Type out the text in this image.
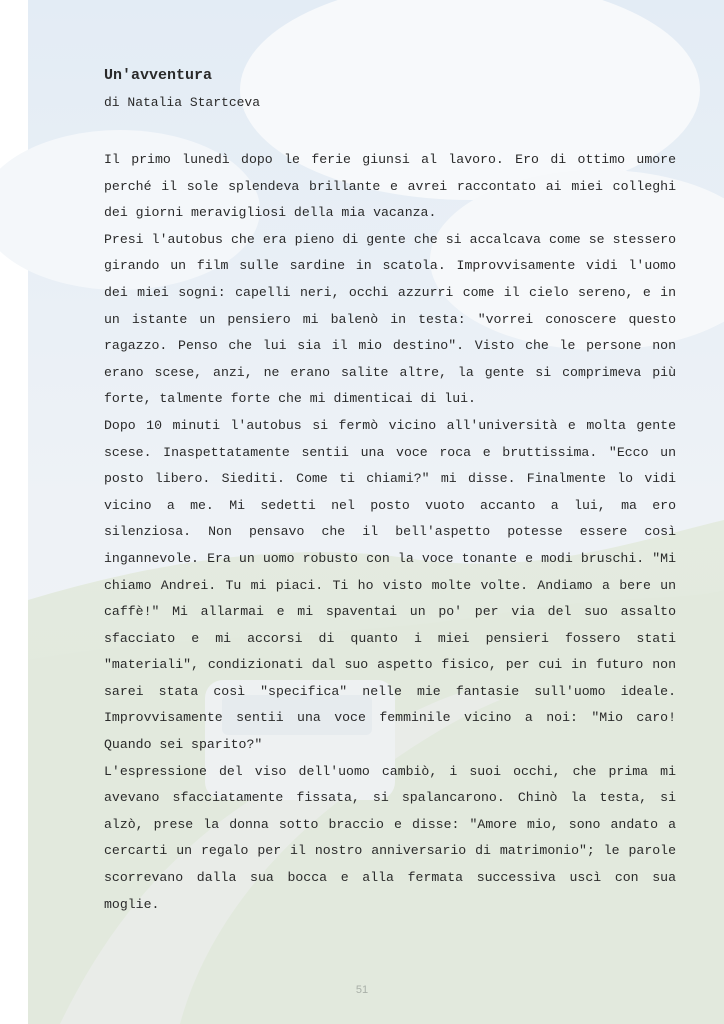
Un'avventura

di Natalia Startceva

Il primo lunedì dopo le ferie giunsi al lavoro. Ero di ottimo umore perché il sole splendeva brillante e avrei raccontato ai miei colleghi dei giorni meravigliosi della mia vacanza.

Presi l'autobus che era pieno di gente che si accalcava come se stessero girando un film sulle sardine in scatola. Improvvisamente vidi l'uomo dei miei sogni: capelli neri, occhi azzurri come il cielo sereno, e in un istante un pensiero mi balenò in testa: "vorrei conoscere questo ragazzo. Penso che lui sia il mio destino". Visto che le persone non erano scese, anzi, ne erano salite altre, la gente si comprimeva più forte, talmente forte che mi dimenticai di lui.

Dopo 10 minuti l'autobus si fermò vicino all'università e molta gente scese. Inaspettatamente sentii una voce roca e bruttissima. "Ecco un posto libero. Siediti. Come ti chiami?" mi disse. Finalmente lo vidi vicino a me. Mi sedetti nel posto vuoto accanto a lui, ma ero silenziosa. Non pensavo che il bell'aspetto potesse essere così ingannevole. Era un uomo robusto con la voce tonante e modi bruschi. "Mi chiamo Andrei. Tu mi piaci. Ti ho visto molte volte. Andiamo a bere un caffè!" Mi allarmai e mi spaventai un po' per via del suo assalto sfacciato e mi accorsi di quanto i miei pensieri fossero stati "materiali", condizionati dal suo aspetto fisico, per cui in futuro non sarei stata così "specifica" nelle mie fantasie sull'uomo ideale. Improvvisamente sentii una voce femminile vicino a noi: "Mio caro! Quando sei sparito?"

L'espressione del viso dell'uomo cambiò, i suoi occhi, che prima mi avevano sfacciatamente fissata, si spalancarono. Chinò la testa, si alzò, prese la donna sotto braccio e disse: "Amore mio, sono andato a cercarti un regalo per il nostro anniversario di matrimonio"; le parole scorrevano dalla sua bocca e alla fermata successiva uscì con sua moglie.

51
